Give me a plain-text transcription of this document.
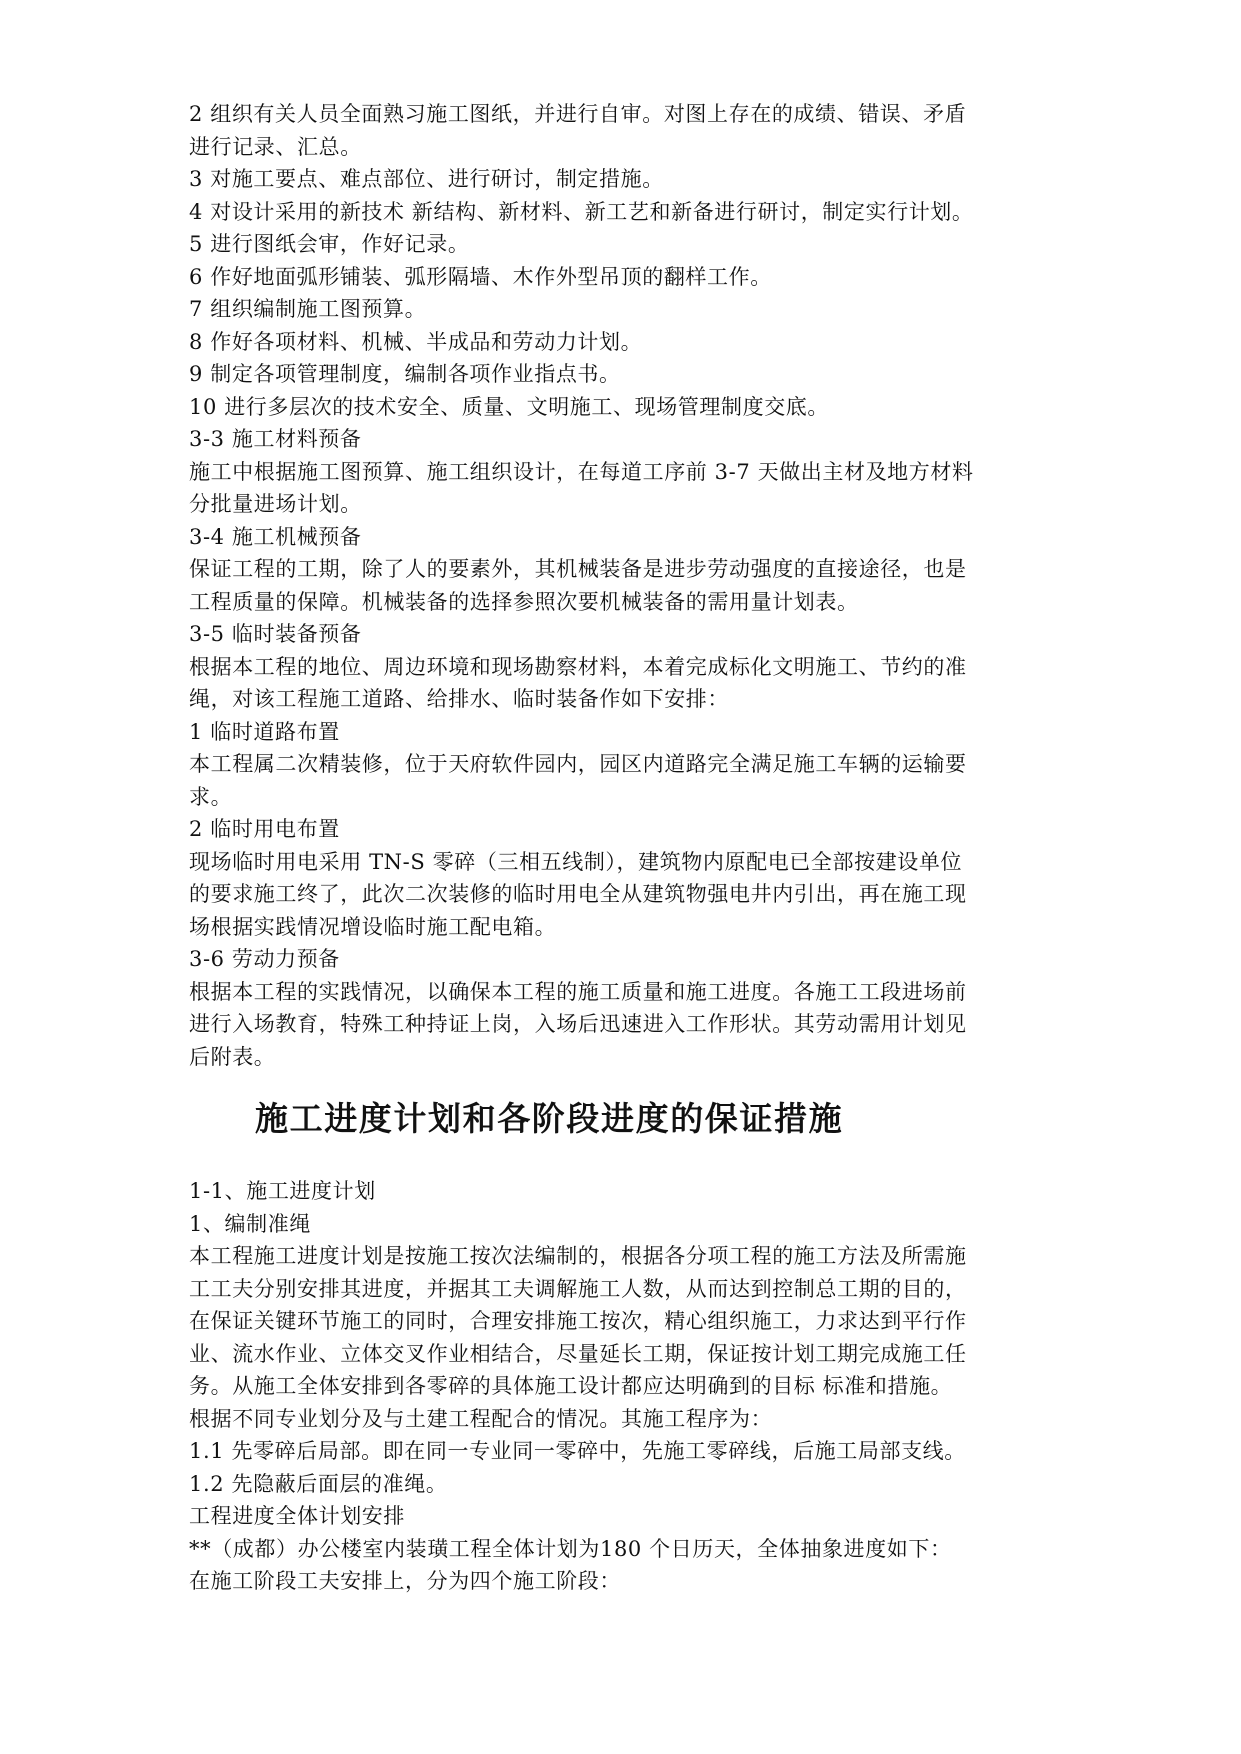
2 组织有关人员全面熟习施工图纸，并进行自审。对图上存在的成绩、错误、矛盾
进行记录、汇总。
3 对施工要点、难点部位、进行研讨，制定措施。
4 对设计采用的新技术 新结构、新材料、新工艺和新备进行研讨，制定实行计划。
5 进行图纸会审，作好记录。
6 作好地面弧形铺装、弧形隔墙、木作外型吊顶的翻样工作。
7 组织编制施工图预算。
8 作好各项材料、机械、半成品和劳动力计划。
9 制定各项管理制度，编制各项作业指点书。
10 进行多层次的技术安全、质量、文明施工、现场管理制度交底。
3-3 施工材料预备
施工中根据施工图预算、施工组织设计，在每道工序前 3-7 天做出主材及地方材料
分批量进场计划。
3-4 施工机械预备
保证工程的工期，除了人的要素外，其机械装备是进步劳动强度的直接途径，也是
工程质量的保障。机械装备的选择参照次要机械装备的需用量计划表。
3-5 临时装备预备
根据本工程的地位、周边环境和现场勘察材料，本着完成标化文明施工、节约的准
绳，对该工程施工道路、给排水、临时装备作如下安排：
1 临时道路布置
本工程属二次精装修，位于天府软件园内，园区内道路完全满足施工车辆的运输要
求。
2 临时用电布置
现场临时用电采用 TN-S 零碎（三相五线制），建筑物内原配电已全部按建设单位
的要求施工终了，此次二次装修的临时用电全从建筑物强电井内引出，再在施工现
场根据实践情况增设临时施工配电箱。
3-6 劳动力预备
根据本工程的实践情况，以确保本工程的施工质量和施工进度。各施工工段进场前
进行入场教育，特殊工种持证上岗，入场后迅速进入工作形状。其劳动需用计划见
后附表。
施工进度计划和各阶段进度的保证措施
1-1、施工进度计划
1、编制准绳
本工程施工进度计划是按施工按次法编制的，根据各分项工程的施工方法及所需施
工工夫分别安排其进度，并据其工夫调解施工人数，从而达到控制总工期的目的，
在保证关键环节施工的同时，合理安排施工按次，精心组织施工，力求达到平行作
业、流水作业、立体交叉作业相结合，尽量延长工期，保证按计划工期完成施工任
务。从施工全体安排到各零碎的具体施工设计都应达明确到的目标 标准和措施。
根据不同专业划分及与土建工程配合的情况。其施工程序为：
1.1 先零碎后局部。即在同一专业同一零碎中，先施工零碎线，后施工局部支线。
1.2 先隐蔽后面层的准绳。
工程进度全体计划安排
**（成都）办公楼室内装璜工程全体计划为180 个日历天，全体抽象进度如下：
在施工阶段工夫安排上，分为四个施工阶段：
